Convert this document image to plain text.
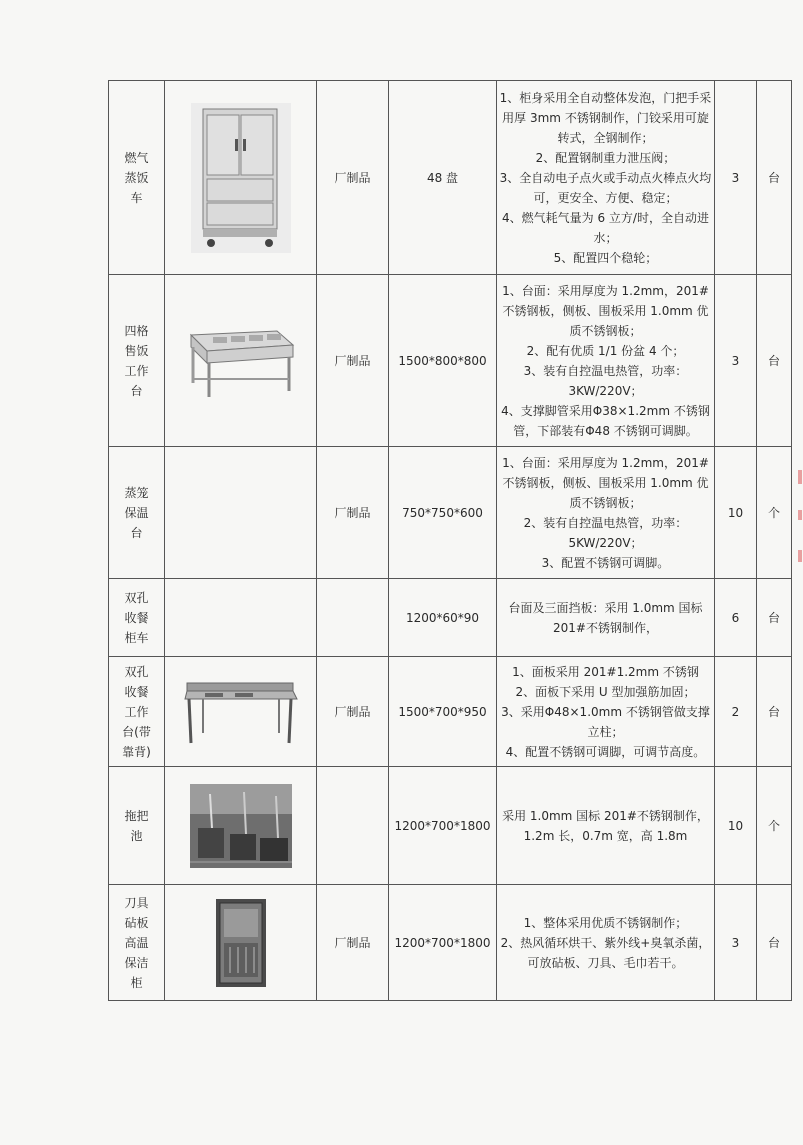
燃气
蒸饭
车		厂制品	48 盘	1、柜身采用全自动整体发泡，门把手采用厚 3mm 不锈钢制作，门铰采用可旋转式，全钢制作；
2、配置钢制重力泄压阀；
3、全自动电子点火或手动点火棒点火均可，更安全、方便、稳定；
4、燃气耗气量为 6 立方/时，全自动进水；
5、配置四个稳轮；	3	台

四格
售饭
工作
台		厂制品	1500*800*800	1、台面：采用厚度为 1.2mm，201#不锈钢板，侧板、围板采用 1.0mm 优质不锈钢板；
2、配有优质 1/1 份盆 4 个；
3、装有自控温电热管，功率：3KW/220V；
4、支撑脚管采用Φ38×1.2mm 不锈钢管，下部装有Φ48 不锈钢可调脚。	3	台

蒸笼
保温
台		厂制品	750*750*600	1、台面：采用厚度为 1.2mm，201#不锈钢板，侧板、围板采用 1.0mm 优质不锈钢板；
2、装有自控温电热管，功率：5KW/220V；
3、配置不锈钢可调脚。	10	个

双孔
收餐
柜车			1200*60*90	台面及三面挡板：采用 1.0mm 国标 201#不锈钢制作，	6	台

双孔
收餐
工作
台(带
靠背)		厂制品	1500*700*950	1、面板采用 201#1.2mm 不锈钢
2、面板下采用 U 型加强筋加固；
3、采用Φ48×1.0mm 不锈钢管做支撑立柱；
4、配置不锈钢可调脚，可调节高度。	2	台

拖把
池			1200*700*1800	采用 1.0mm 国标 201#不锈钢制作，1.2m 长，0.7m 宽，高 1.8m	10	个

刀具
砧板
高温
保洁
柜		厂制品	1200*700*1800	1、整体采用优质不锈钢制作；
2、热风循环烘干、紫外线+臭氧杀菌，可放砧板、刀具、毛巾若干。	3	台
